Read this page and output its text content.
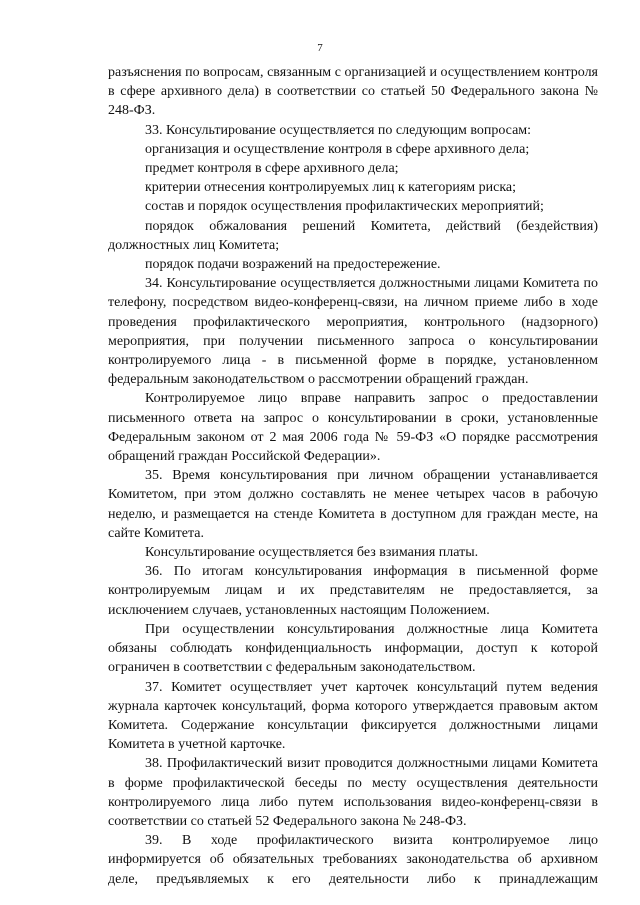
7

разъяснения по вопросам, связанным с организацией и осуществлением контроля в сфере архивного дела) в соответствии со статьей 50 Федерального закона № 248-ФЗ.

33. Консультирование осуществляется по следующим вопросам:

организация и осуществление контроля в сфере архивного дела;

предмет контроля в сфере архивного дела;

критерии отнесения контролируемых лиц к категориям риска;

состав и порядок осуществления профилактических мероприятий;

порядок обжалования решений Комитета, действий (бездействия) должностных лиц Комитета;

порядок подачи возражений на предостережение.

34. Консультирование осуществляется должностными лицами Комитета по телефону, посредством видео-конференц-связи, на личном приеме либо в ходе проведения профилактического мероприятия, контрольного (надзорного) мероприятия, при получении письменного запроса о консультировании контролируемого лица - в письменной форме в порядке, установленном федеральным законодательством о рассмотрении обращений граждан.

Контролируемое лицо вправе направить запрос о предоставлении письменного ответа на запрос о консультировании в сроки, установленные Федеральным законом от 2 мая 2006 года № 59-ФЗ «О порядке рассмотрения обращений граждан Российской Федерации».

35. Время консультирования при личном обращении устанавливается Комитетом, при этом должно составлять не менее четырех часов в рабочую неделю, и размещается на стенде Комитета в доступном для граждан месте, на сайте Комитета.

Консультирование осуществляется без взимания платы.

36. По итогам консультирования информация в письменной форме контролируемым лицам и их представителям не предоставляется, за исключением случаев, установленных настоящим Положением.

При осуществлении консультирования должностные лица Комитета обязаны соблюдать конфиденциальность информации, доступ к которой ограничен в соответствии с федеральным законодательством.

37. Комитет осуществляет учет карточек консультаций путем ведения журнала карточек консультаций, форма которого утверждается правовым актом Комитета. Содержание консультации фиксируется должностными лицами Комитета в учетной карточке.

38. Профилактический визит проводится должностными лицами Комитета в форме профилактической беседы по месту осуществления деятельности контролируемого лица либо путем использования видео-конференц-связи в соответствии со статьей 52 Федерального закона № 248-ФЗ.

39. В ходе профилактического визита контролируемое лицо информируется об обязательных требованиях законодательства об архивном деле, предъявляемых к его деятельности либо к принадлежащим
